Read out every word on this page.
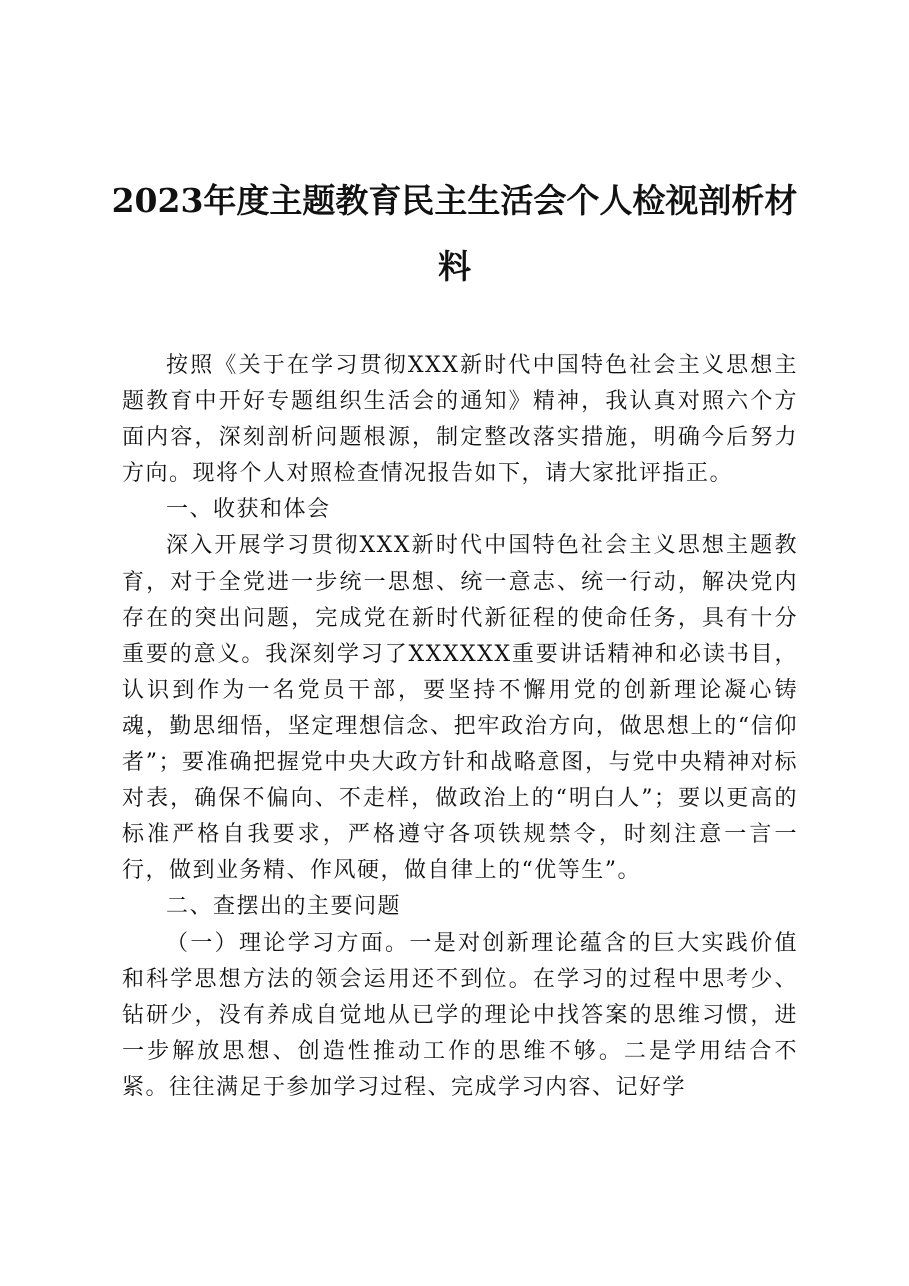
2023年度主题教育民主生活会个人检视剖析材料

按照《关于在学习贯彻XXX新时代中国特色社会主义思想主题教育中开好专题组织生活会的通知》精神，我认真对照六个方面内容，深刻剖析问题根源，制定整改落实措施，明确今后努力方向。现将个人对照检查情况报告如下，请大家批评指正。

一、收获和体会

深入开展学习贯彻XXX新时代中国特色社会主义思想主题教育，对于全党进一步统一思想、统一意志、统一行动，解决党内存在的突出问题，完成党在新时代新征程的使命任务，具有十分重要的意义。我深刻学习了XXXXXX重要讲话精神和必读书目，认识到作为一名党员干部，要坚持不懈用党的创新理论凝心铸魂，勤思细悟，坚定理想信念、把牢政治方向，做思想上的“信仰者”；要准确把握党中央大政方针和战略意图，与党中央精神对标对表，确保不偏向、不走样，做政治上的“明白人”；要以更高的标准严格自我要求，严格遵守各项铁规禁令，时刻注意一言一行，做到业务精、作风硬，做自律上的“优等生”。

二、查摆出的主要问题

（一）理论学习方面。一是对创新理论蕴含的巨大实践价值和科学思想方法的领会运用还不到位。在学习的过程中思考少、钻研少，没有养成自觉地从已学的理论中找答案的思维习惯，进一步解放思想、创造性推动工作的思维不够。二是学用结合不紧。往往满足于参加学习过程、完成学习内容、记好学
